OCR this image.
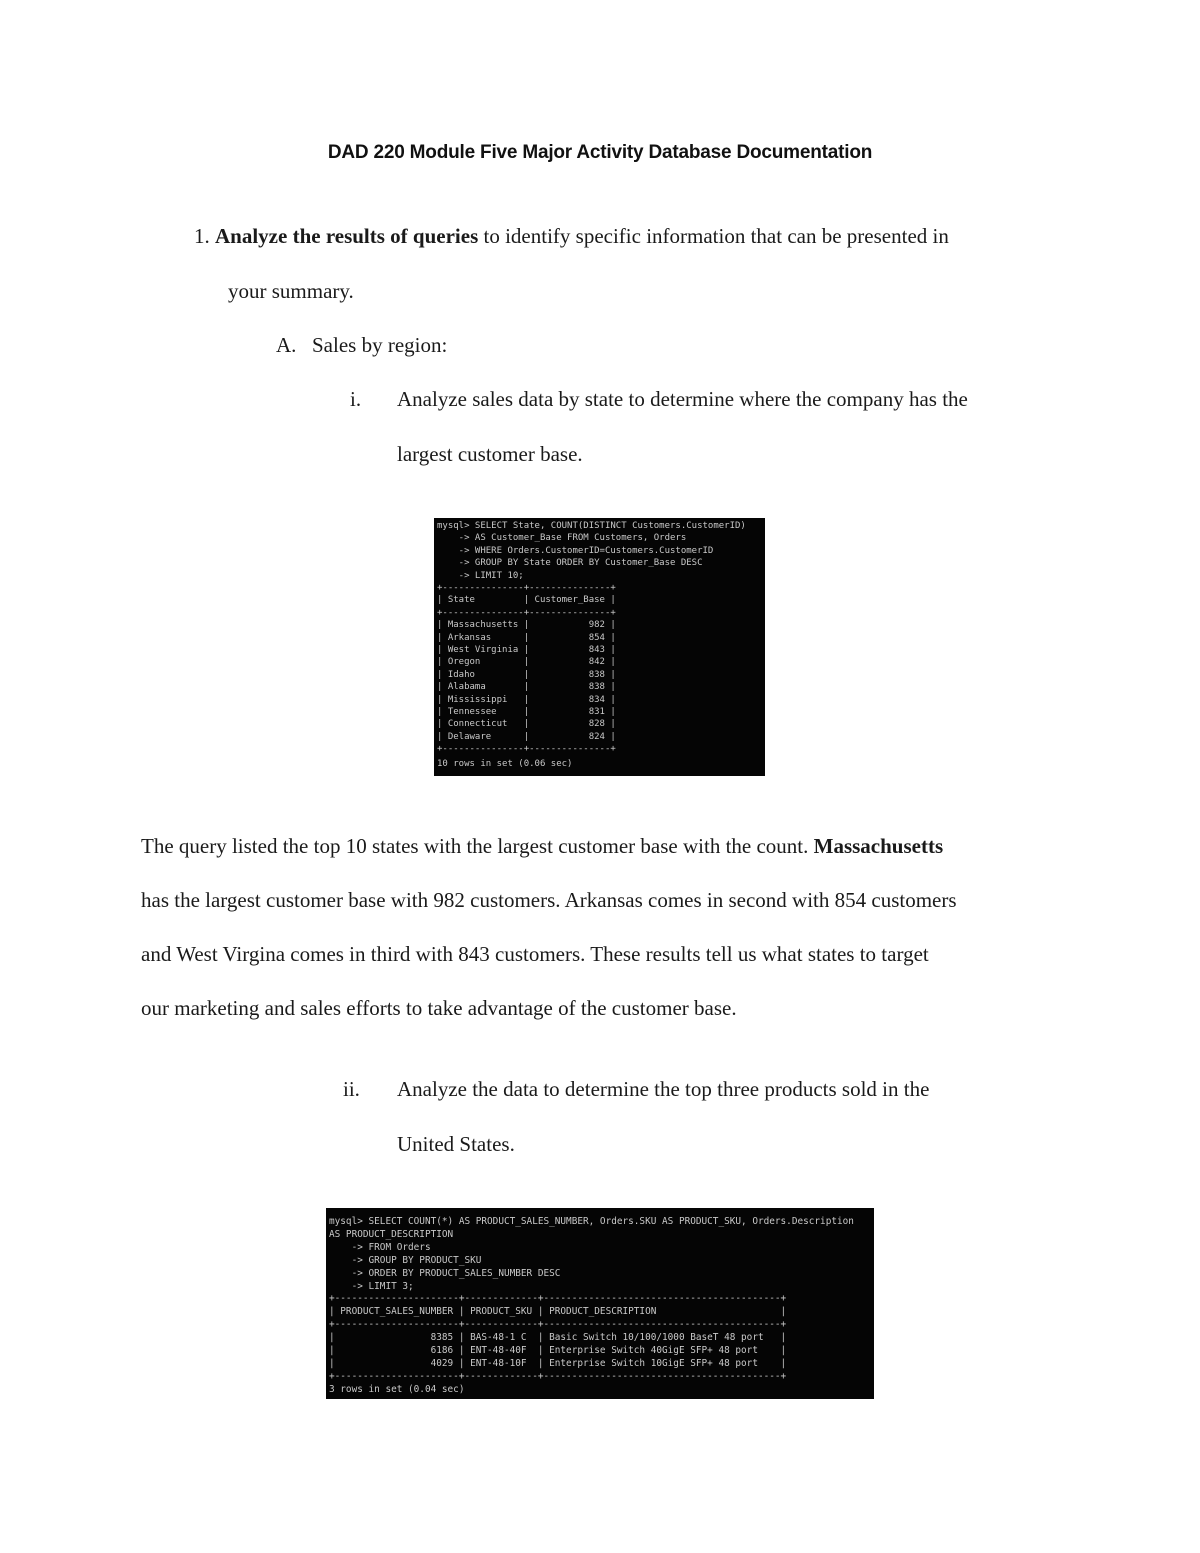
DAD 220 Module Five Major Activity Database Documentation
1. Analyze the results of queries to identify specific information that can be presented in
your summary.
A. Sales by region:
i. Analyze sales data by state to determine where the company has the
largest customer base.
mysql> SELECT State, COUNT(DISTINCT Customers.CustomerID)
-> AS Customer_Base FROM Customers, Orders
-> WHERE Orders.CustomerID=Customers.CustomerID
-> GROUP BY State ORDER BY Customer_Base DESC
-> LIMIT 10;
+---------------+---------------+
| State         | Customer_Base |
+---------------+---------------+
| Massachusetts |           982 |
| Arkansas      |           854 |
| West Virginia |           843 |
| Oregon        |           842 |
| Idaho         |           838 |
| Alabama       |           838 |
| Mississippi   |           834 |
| Tennessee     |           831 |
| Connecticut   |           828 |
| Delaware      |           824 |
+---------------+---------------+
10 rows in set (0.06 sec)
The query listed the top 10 states with the largest customer base with the count. Massachusetts
has the largest customer base with 982 customers. Arkansas comes in second with 854 customers
and West Virgina comes in third with 843 customers. These results tell us what states to target
our marketing and sales efforts to take advantage of the customer base.
ii. Analyze the data to determine the top three products sold in the
United States.
mysql> SELECT COUNT(*) AS PRODUCT_SALES_NUMBER, Orders.SKU AS PRODUCT_SKU, Orders.Description
AS PRODUCT_DESCRIPTION
-> FROM Orders
-> GROUP BY PRODUCT_SKU
-> ORDER BY PRODUCT_SALES_NUMBER DESC
-> LIMIT 3;
+----------------------+-------------+------------------------------------------+
| PRODUCT_SALES_NUMBER | PRODUCT_SKU | PRODUCT_DESCRIPTION                      |
+----------------------+-------------+------------------------------------------+
|                 8385 | BAS-48-1 C  | Basic Switch 10/100/1000 BaseT 48 port   |
|                 6186 | ENT-48-40F  | Enterprise Switch 40GigE SFP+ 48 port    |
|                 4029 | ENT-48-10F  | Enterprise Switch 10GigE SFP+ 48 port    |
+----------------------+-------------+------------------------------------------+
3 rows in set (0.04 sec)
